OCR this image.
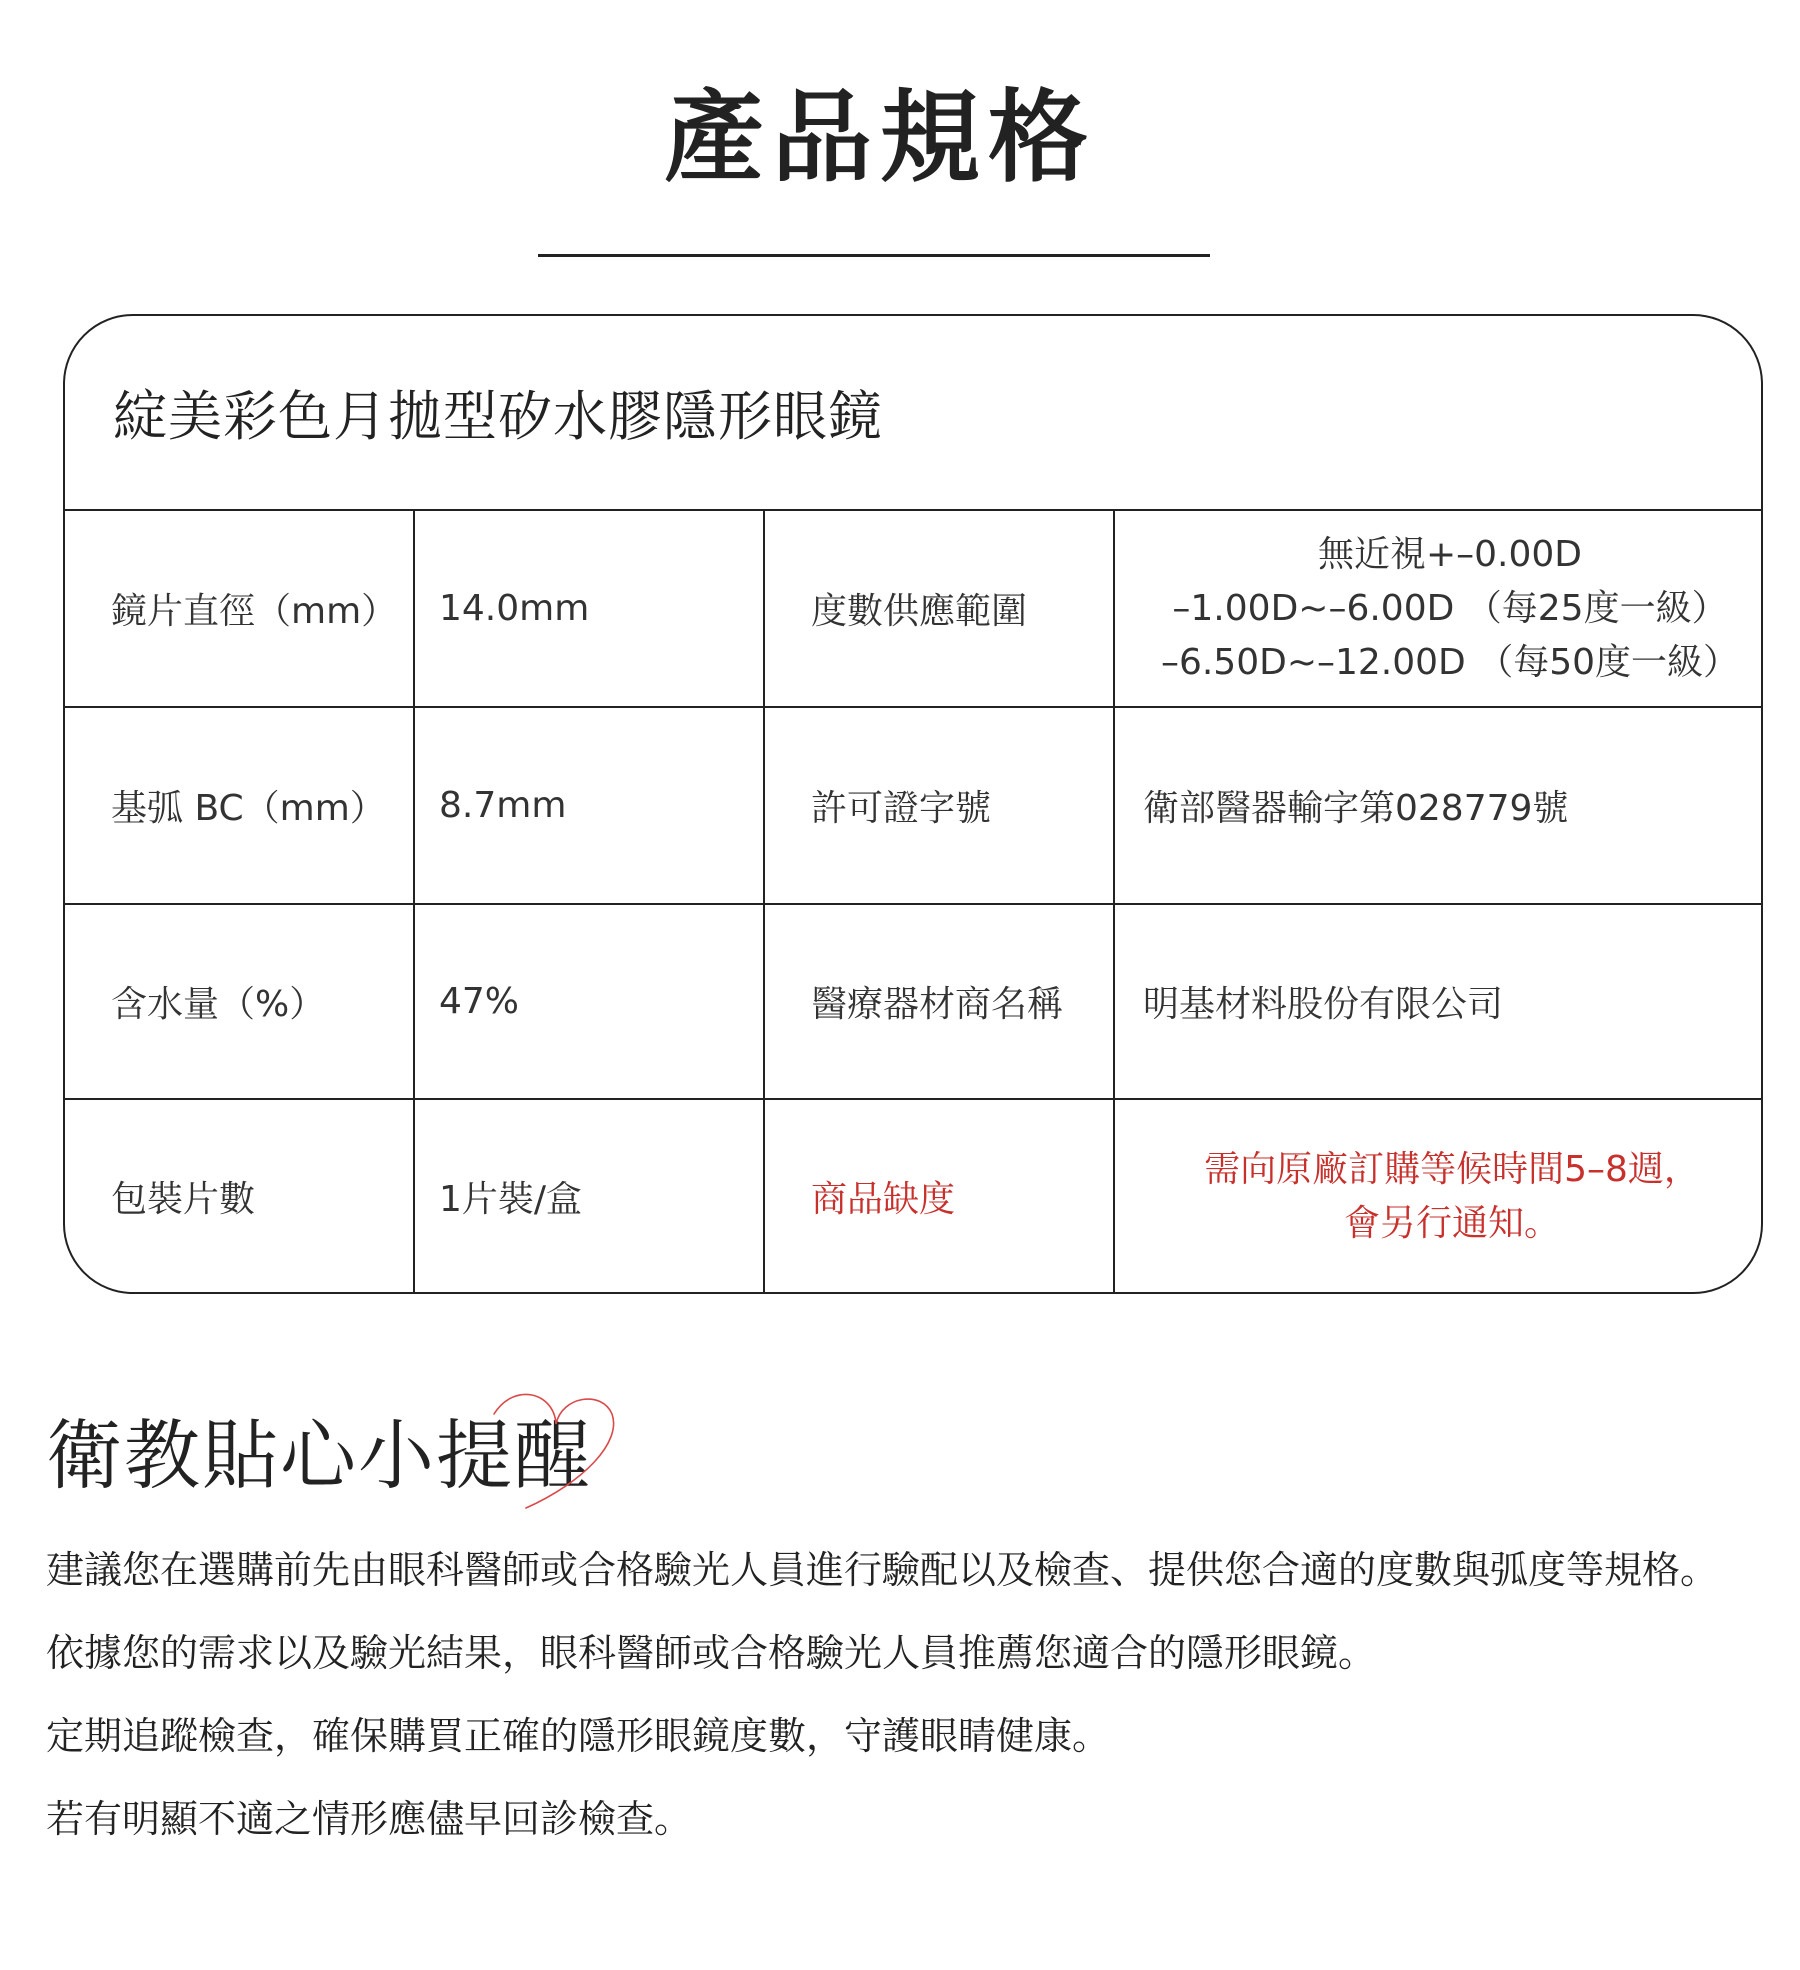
產品規格
綻美彩色月拋型矽水膠隱形眼鏡
鏡片直徑（mm）	14.0mm	度數供應範圍
無近視+–0.00D
–1.00D~–6.00D （每25度一級）
–6.50D~–12.00D （每50度一級）
基弧 BC（mm）	8.7mm	許可證字號	衛部醫器輸字第028779號
含水量（%）	47%	醫療器材商名稱	明基材料股份有限公司
包裝片數	1片裝/盒	商品缺度
需向原廠訂購等候時間5–8週，
會另行通知。
衛教貼心小提醒
建議您在選購前先由眼科醫師或合格驗光人員進行驗配以及檢查、提供您合適的度數與弧度等規格。
依據您的需求以及驗光結果，眼科醫師或合格驗光人員推薦您適合的隱形眼鏡。
定期追蹤檢查，確保購買正確的隱形眼鏡度數，守護眼睛健康。
若有明顯不適之情形應儘早回診檢查。
